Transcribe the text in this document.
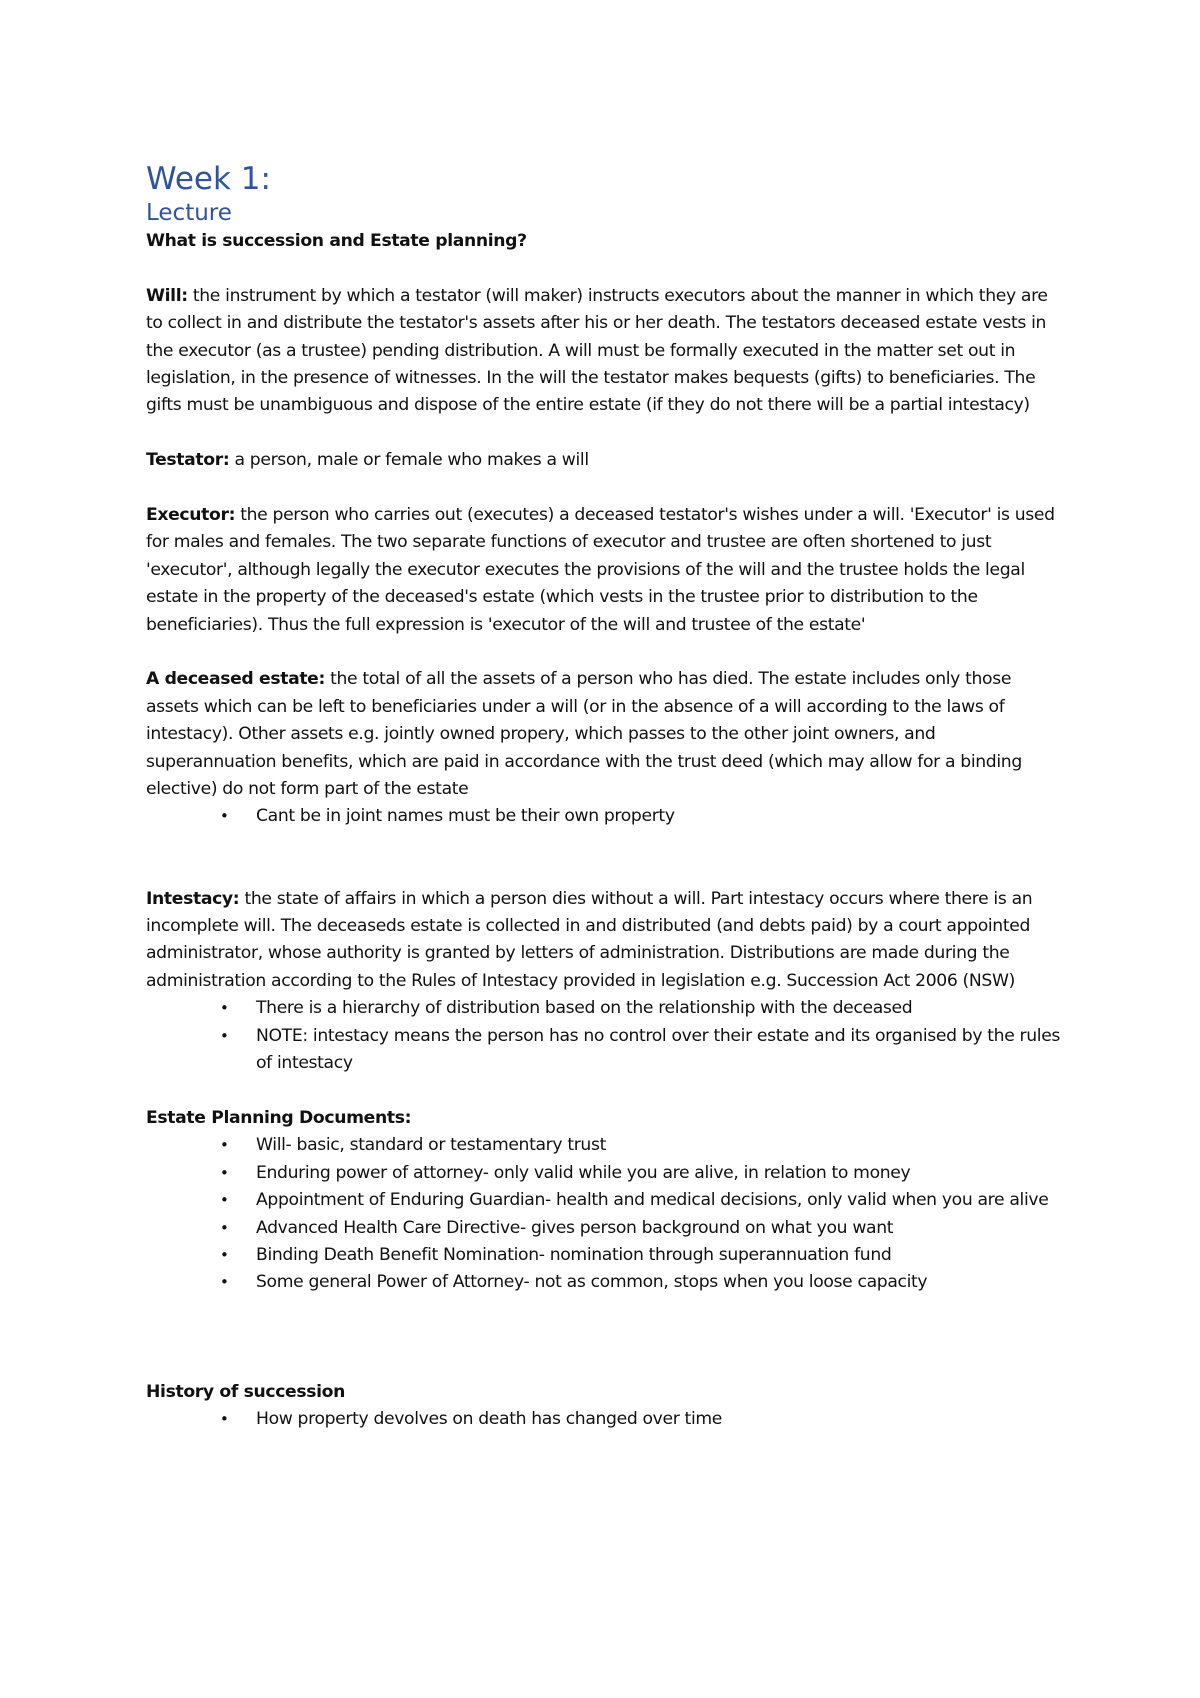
Week 1:
Lecture

What is succession and Estate planning?

Will: the instrument by which a testator (will maker) instructs executors about the manner in which they are to collect in and distribute the testator's assets after his or her death. The testators deceased estate vests in the executor (as a trustee) pending distribution. A will must be formally executed in the matter set out in legislation, in the presence of witnesses. In the will the testator makes bequests (gifts) to beneficiaries. The gifts must be unambiguous and dispose of the entire estate (if they do not there will be a partial intestacy)

Testator: a person, male or female who makes a will

Executor: the person who carries out (executes) a deceased testator's wishes under a will. 'Executor' is used for males and females. The two separate functions of executor and trustee are often shortened to just 'executor', although legally the executor executes the provisions of the will and the trustee holds the legal estate in the property of the deceased's estate (which vests in the trustee prior to distribution to the beneficiaries). Thus the full expression is 'executor of the will and trustee of the estate'

A deceased estate: the total of all the assets of a person who has died. The estate includes only those assets which can be left to beneficiaries under a will (or in the absence of a will according to the laws of intestacy). Other assets e.g. jointly owned propery, which passes to the other joint owners, and superannuation benefits, which are paid in accordance with the trust deed (which may allow for a binding elective) do not form part of the estate

• Cant be in joint names must be their own property

Intestacy: the state of affairs in which a person dies without a will. Part intestacy occurs where there is an incomplete will. The deceaseds estate is collected in and distributed (and debts paid) by a court appointed administrator, whose authority is granted by letters of administration. Distributions are made during the administration according to the Rules of Intestacy provided in legislation e.g. Succession Act 2006 (NSW)

• There is a hierarchy of distribution based on the relationship with the deceased
• NOTE: intestacy means the person has no control over their estate and its organised by the rules of intestacy

Estate Planning Documents:

• Will- basic, standard or testamentary trust
• Enduring power of attorney- only valid while you are alive, in relation to money
• Appointment of Enduring Guardian- health and medical decisions, only valid when you are alive
• Advanced Health Care Directive- gives person background on what you want
• Binding Death Benefit Nomination- nomination through superannuation fund
• Some general Power of Attorney- not as common, stops when you loose capacity

History of succession

• How property devolves on death has changed over time
